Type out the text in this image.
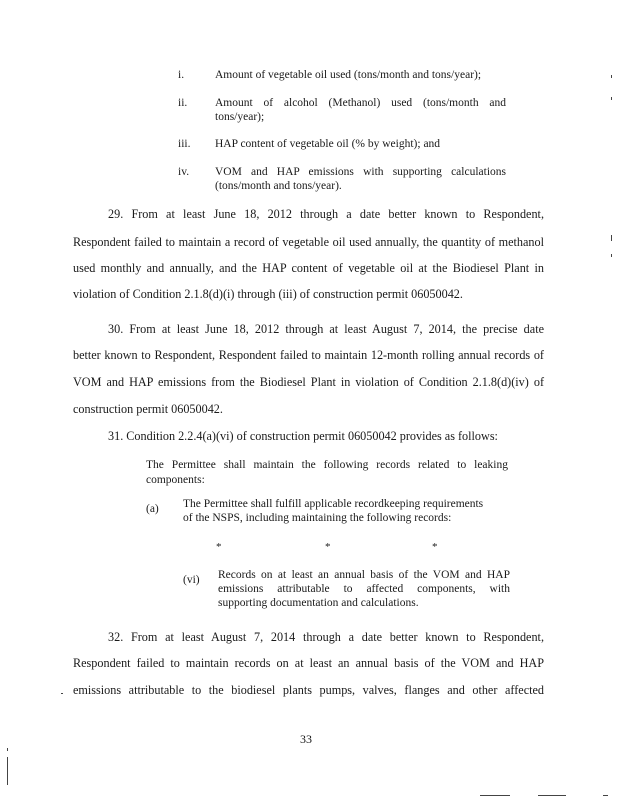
i.	Amount of vegetable oil used (tons/month and tons/year);
ii. Amount of alcohol (Methanol) used (tons/month and
tons/year);
iii. HAP content of vegetable oil (% by weight); and
iv. VOM and HAP emissions with supporting calculations
(tons/month and tons/year).
29. From at least June 18, 2012 through a date better known to Respondent,
Respondent failed to maintain a record of vegetable oil used annually, the quantity of methanol
used monthly and annually, and the HAP content of vegetable oil at the Biodiesel Plant in
violation of Condition 2.1.8(d)(i) through (iii) of construction permit 06050042.
30. From at least June 18, 2012 through at least August 7, 2014, the precise date
better known to Respondent, Respondent failed to maintain 12-month rolling annual records of
VOM and HAP emissions from the Biodiesel Plant in violation of Condition 2.1.8(d)(iv) of
construction permit 06050042.
31. Condition 2.2.4(a)(vi) of construction permit 06050042 provides as follows:
The Permittee shall maintain the following records related to leaking
components:
(a) The Permittee shall fulfill applicable recordkeeping requirements
of the NSPS, including maintaining the following records:
*	*	*
(vi) Records on at least an annual basis of the VOM and HAP
emissions attributable to affected components, with
supporting documentation and calculations.
32. From at least August 7, 2014 through a date better known to Respondent,
Respondent failed to maintain records on at least an annual basis of the VOM and HAP
emissions attributable to the biodiesel plants pumps, valves, flanges and other affected
33
